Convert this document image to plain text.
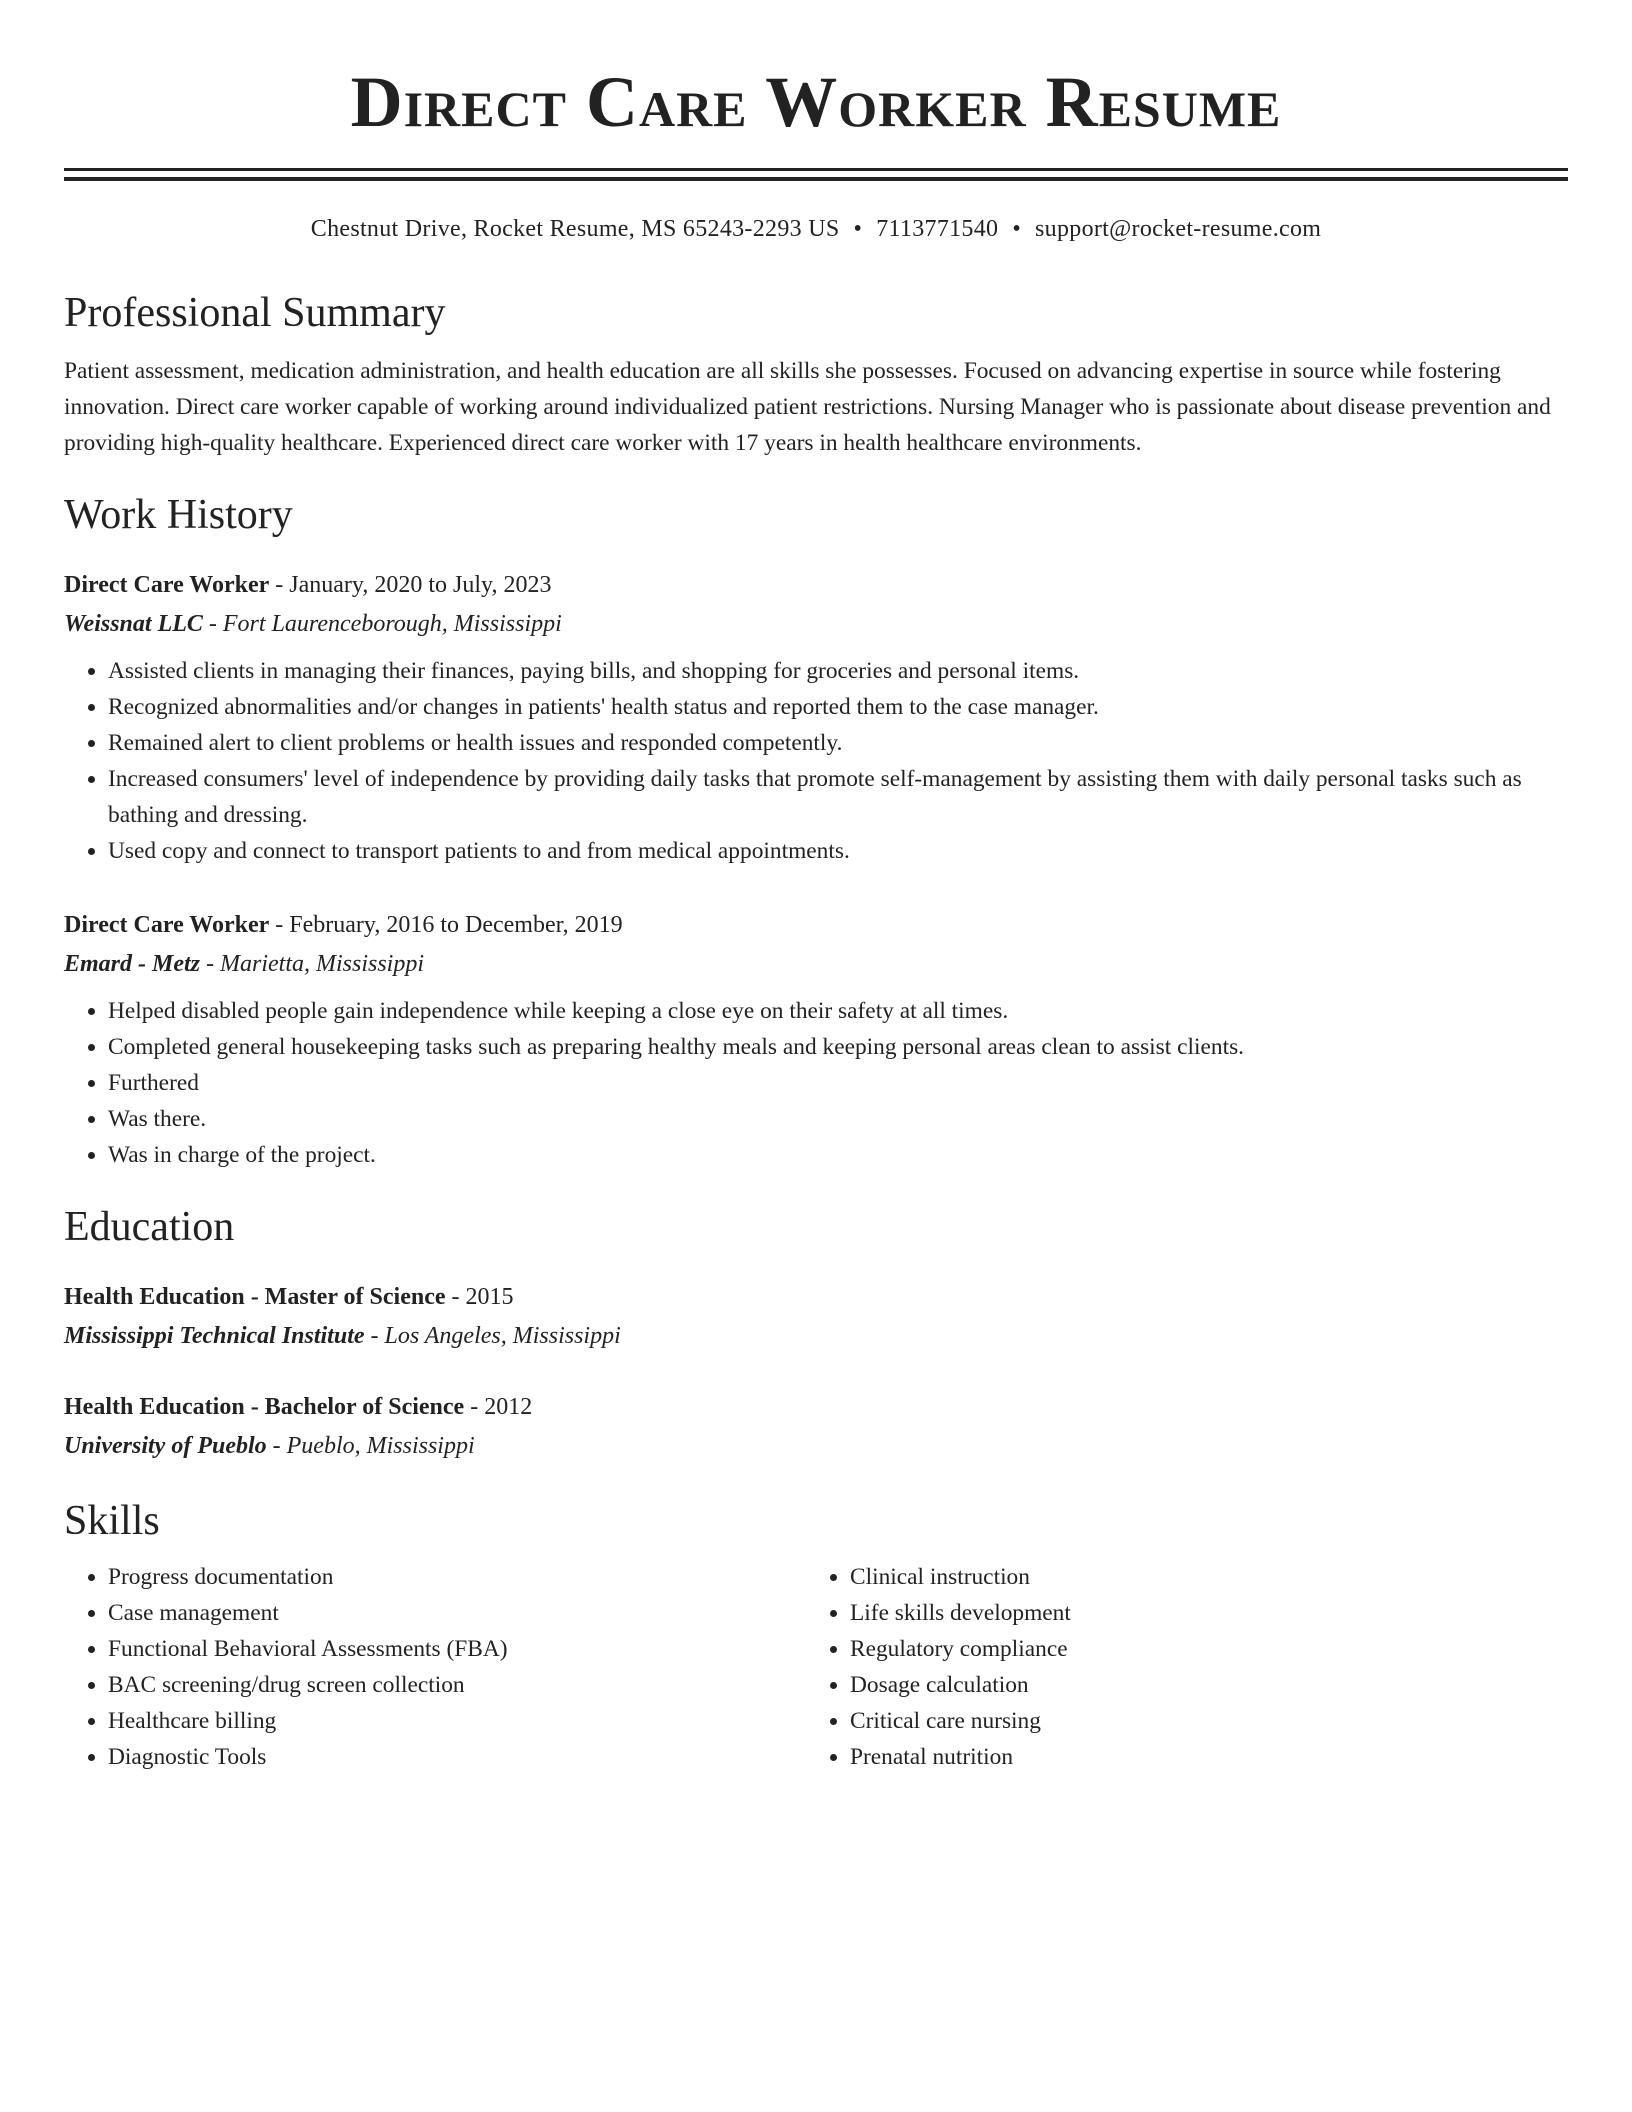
Direct Care Worker Resume
Chestnut Drive, Rocket Resume, MS 65243-2293 US • 7113771540 • support@rocket-resume.com
Professional Summary
Patient assessment, medication administration, and health education are all skills she possesses. Focused on advancing expertise in source while fostering innovation. Direct care worker capable of working around individualized patient restrictions. Nursing Manager who is passionate about disease prevention and providing high-quality healthcare. Experienced direct care worker with 17 years in health healthcare environments.
Work History
Direct Care Worker - January, 2020 to July, 2023
Weissnat LLC - Fort Laurenceborough, Mississippi
• Assisted clients in managing their finances, paying bills, and shopping for groceries and personal items.
• Recognized abnormalities and/or changes in patients' health status and reported them to the case manager.
• Remained alert to client problems or health issues and responded competently.
• Increased consumers' level of independence by providing daily tasks that promote self-management by assisting them with daily personal tasks such as bathing and dressing.
• Used copy and connect to transport patients to and from medical appointments.
Direct Care Worker - February, 2016 to December, 2019
Emard - Metz - Marietta, Mississippi
• Helped disabled people gain independence while keeping a close eye on their safety at all times.
• Completed general housekeeping tasks such as preparing healthy meals and keeping personal areas clean to assist clients.
• Furthered
• Was there.
• Was in charge of the project.
Education
Health Education - Master of Science - 2015
Mississippi Technical Institute - Los Angeles, Mississippi
Health Education - Bachelor of Science - 2012
University of Pueblo - Pueblo, Mississippi
Skills
• Progress documentation
• Case management
• Functional Behavioral Assessments (FBA)
• BAC screening/drug screen collection
• Healthcare billing
• Diagnostic Tools
• Clinical instruction
• Life skills development
• Regulatory compliance
• Dosage calculation
• Critical care nursing
• Prenatal nutrition
